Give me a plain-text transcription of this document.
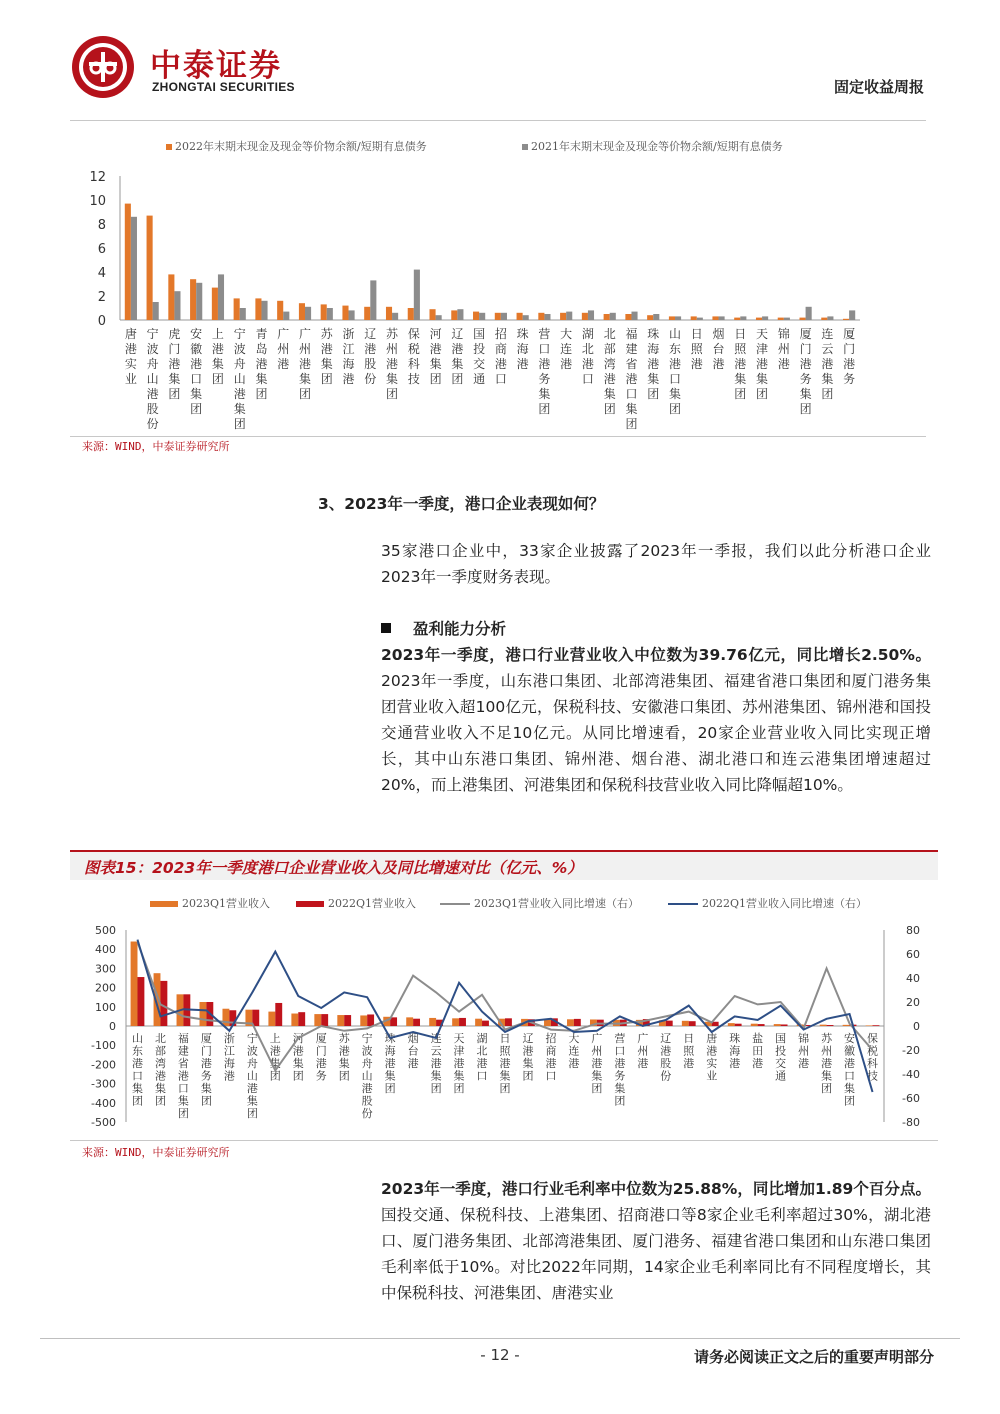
中泰证券
ZHONGTAI SECURITIES	固定收益周报
2022年末期末现金及现金等价物余额/短期有息债务	2021年末期末现金及现金等价物余额/短期有息债务
12
10
8
6
4
2
0
唐港实业
宁波舟山港股份
虎门港集团
安徽港口集团
上港集团
宁波舟山港集团
青岛港集团
广州港
广州港集团
苏港集团
浙江海港
辽港股份
苏州港集团
保税科技
河港集团
辽港集团
国投交通
招商港口
珠海港
营口港务集团
大连港
湖北港口
北部湾港集团
福建省港口集团
珠海港集团
山东港口集团
日照港
烟台港
日照港集团
天津港集团
锦州港
厦门港务集团
连云港集团
厦门港务
来源：WIND，中泰证券研究所
3、2023年一季度，港口企业表现如何？
35家港口企业中，33家企业披露了2023年一季报，我们以此分析港口企业2023年一季度财务表现。
盈利能力分析
2023年一季度，港口行业营业收入中位数为39.76亿元，同比增长2.50%。2023年一季度，山东港口集团、北部湾港集团、福建省港口集团和厦门港务集团营业收入超100亿元，保税科技、安徽港口集团、苏州港集团、锦州港和国投交通营业收入不足10亿元。从同比增速看，20家企业营业收入同比实现正增长，其中山东港口集团、锦州港、烟台港、湖北港口和连云港集团增速超过20%，而上港集团、河港集团和保税科技营业收入同比降幅超10%。
图表15：2023年一季度港口企业营业收入及同比增速对比（亿元、%）
2023Q1营业收入	2022Q1营业收入	2023Q1营业收入同比增速（右）	2022Q1营业收入同比增速（右）
500
400
300
200
100
0
-100
-200
-300
-400
-500
80
60
40
20
0
-20
-40
-60
-80
山东港口集团
北部湾港集团
福建省港口集团
厦门港务集团
浙江海港
宁波舟山港集团
上港集团
河港集团
厦门港务
苏港集团
宁波舟山港股份
珠海港集团
烟台港
连云港集团
天津港集团
湖北港口
日照港集团
辽港集团
招商港口
大连港
广州港集团
营口港务集团
广州港
辽港股份
日照港
唐港实业
珠海港
盐田港
国投交通
锦州港
苏州港集团
安徽港口集团
保税科技
来源：WIND，中泰证券研究所
2023年一季度，港口行业毛利率中位数为25.88%，同比增加1.89个百分点。国投交通、保税科技、上港集团、招商港口等8家企业毛利率超过30%，湖北港口、厦门港务集团、北部湾港集团、厦门港务、福建省港口集团和山东港口集团毛利率低于10%。对比2022年同期，14家企业毛利率同比有不同程度增长，其中保税科技、河港集团、唐港实业
- 12 -	请务必阅读正文之后的重要声明部分
